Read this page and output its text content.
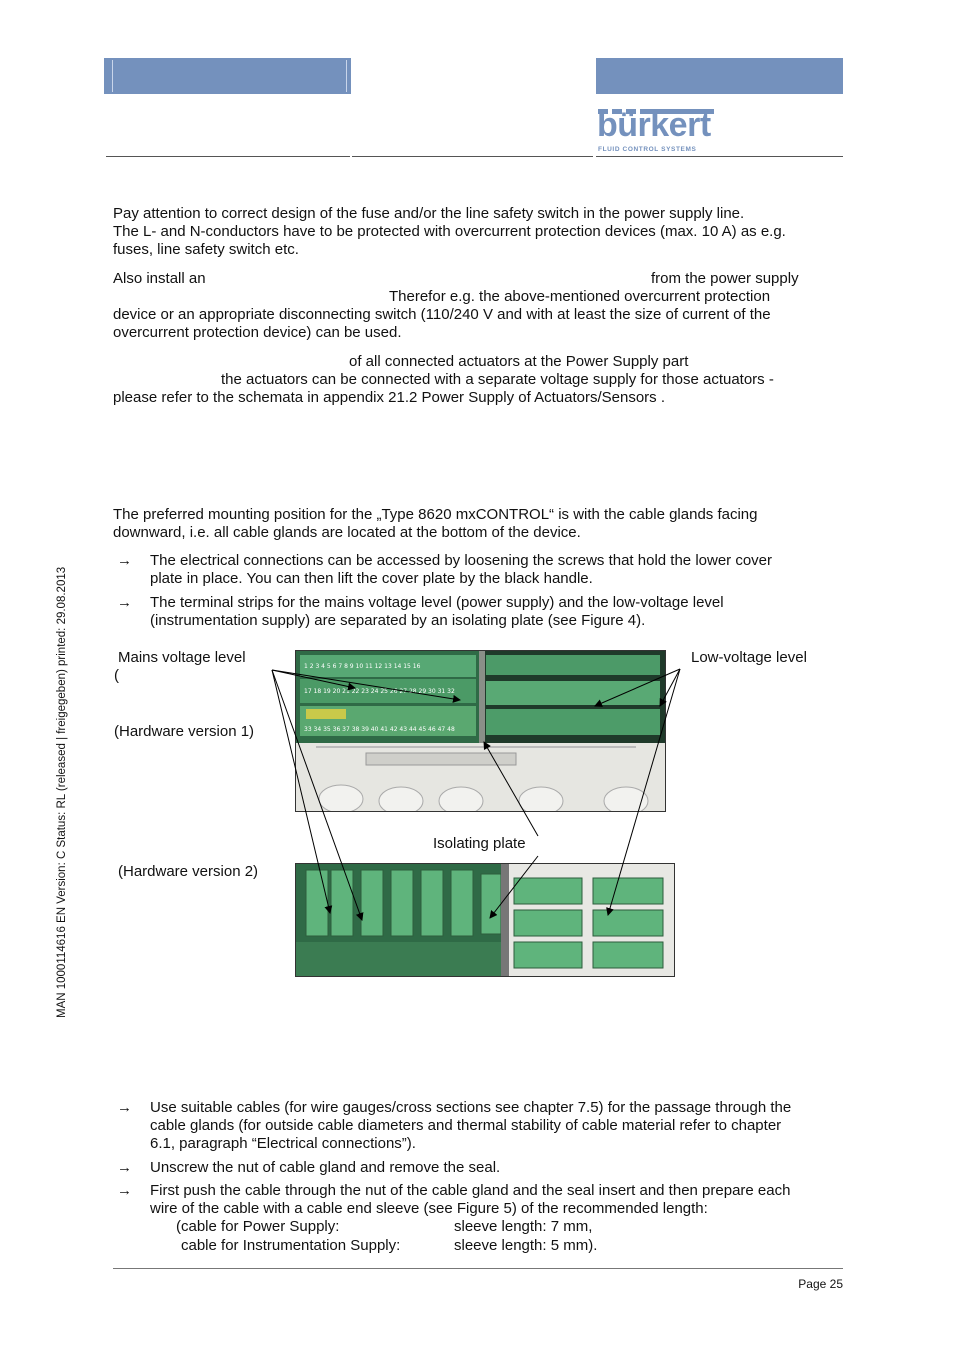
bürkert
FLUID CONTROL SYSTEMS
MAN 1000114616 EN Version: C Status: RL (released | freigegeben) printed: 29.08.2013
Pay attention to correct design of the fuse and/or the line safety switch in the power supply line.
The L- and N-conductors have to be protected with overcurrent protection devices (max. 10 A) as e.g.
fuses, line safety switch etc.
Also install an	from the power supply
Therefor e.g. the above-mentioned overcurrent protection
device or an appropriate disconnecting switch (110/240 V and with at least the size of current of the
overcurrent protection device) can be used.
of all connected actuators at the Power Supply part
the actuators can be connected with a separate voltage supply for those actuators -
please refer to the schemata in appendix 21.2 Power Supply of Actuators/Sensors .
The preferred mounting position for the „Type 8620 mxCONTROL“ is with the cable glands facing
downward, i.e. all cable glands are located at the bottom of the device.
→ The electrical connections can be accessed by loosening the screws that hold the lower cover
plate in place. You can then lift the cover plate by the black handle.
→ The terminal strips for the mains voltage level (power supply) and the low-voltage level
(instrumentation supply) are separated by an isolating plate (see Figure 4).
Mains voltage level
(
Low-voltage level
(Hardware version 1)
Isolating plate
(Hardware version 2)
1 2 3 4 5 6 7 8 9 10 11 12 13 14 15 16
17 18 19 20 21 22 23 24 25 26 27 28 29 30 31 32
33 34 35 36 37 38 39 40 41 42 43 44 45 46 47 48
→ Use suitable cables (for wire gauges/cross sections see chapter 7.5) for the passage through the
cable glands (for outside cable diameters and thermal stability of cable material refer to chapter
6.1, paragraph “Electrical connections”).
→ Unscrew the nut of cable gland and remove the seal.
→ First push the cable through the nut of the cable gland and the seal insert and then prepare each
wire of the cable with a cable end sleeve (see Figure 5) of the recommended length:
(cable for Power Supply:	sleeve length: 7 mm,
cable for Instrumentation Supply:	sleeve length: 5 mm).
Page 25
